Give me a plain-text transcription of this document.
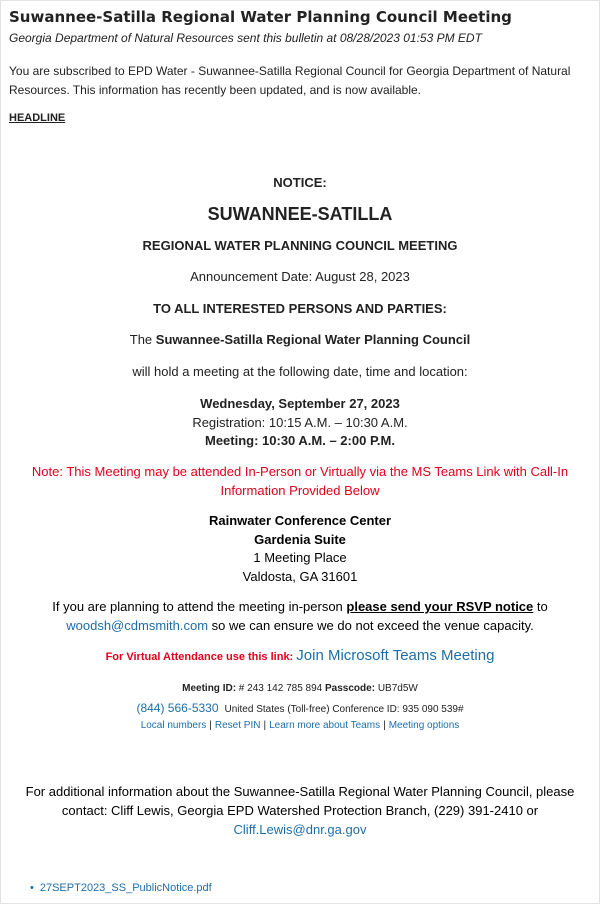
Suwannee-Satilla Regional Water Planning Council Meeting
Georgia Department of Natural Resources sent this bulletin at 08/28/2023 01:53 PM EDT
You are subscribed to EPD Water - Suwannee-Satilla Regional Council for Georgia Department of Natural Resources. This information has recently been updated, and is now available.
HEADLINE
NOTICE:
SUWANNEE-SATILLA
REGIONAL WATER PLANNING COUNCIL MEETING
Announcement Date: August 28, 2023
TO ALL INTERESTED PERSONS AND PARTIES:
The Suwannee-Satilla Regional Water Planning Council
will hold a meeting at the following date, time and location:
Wednesday, September 27, 2023
Registration: 10:15 A.M. – 10:30 A.M.
Meeting: 10:30 A.M. – 2:00 P.M.
Note: This Meeting may be attended In-Person or Virtually via the MS Teams Link with Call-In Information Provided Below
Rainwater Conference Center
Gardenia Suite
1 Meeting Place
Valdosta, GA 31601
If you are planning to attend the meeting in-person please send your RSVP notice to
woodsh@cdmsmith.com so we can ensure we do not exceed the venue capacity.
For Virtual Attendance use this link: Join Microsoft Teams Meeting
Meeting ID: # 243 142 785 894 Passcode: UB7d5W
(844) 566-5330 United States (Toll-free) Conference ID: 935 090 539#
Local numbers | Reset PIN | Learn more about Teams | Meeting options
For additional information about the Suwannee-Satilla Regional Water Planning Council, please contact: Cliff Lewis, Georgia EPD Watershed Protection Branch, (229) 391-2410 or
Cliff.Lewis@dnr.ga.gov
• 27SEPT2023_SS_PublicNotice.pdf
